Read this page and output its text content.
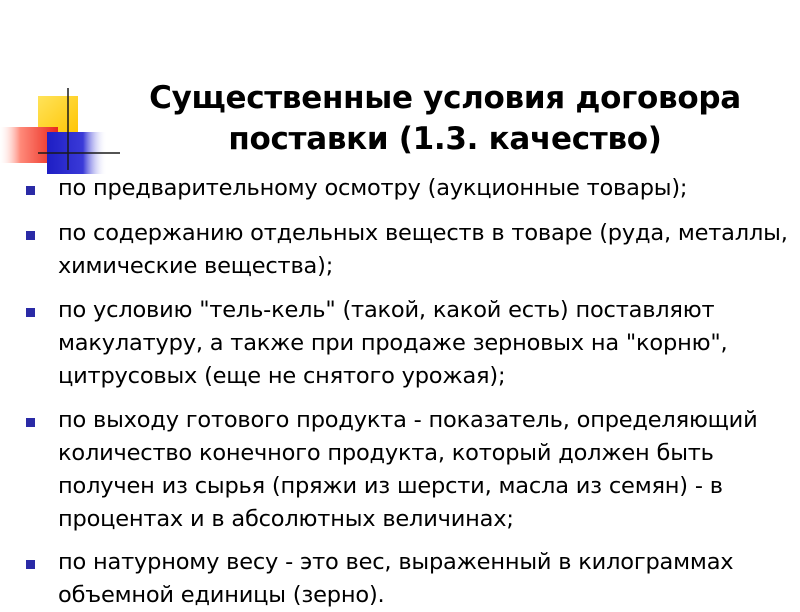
Существенные условия договора поставки (1.3. качество)
по предварительному осмотру (аукционные товары);
по содержанию отдельных веществ в товаре (руда, металлы, химические вещества);
по условию "тель-кель" (такой, какой есть) поставляют макулатуру, а также при продаже зерновых на "корню", цитрусовых (еще не снятого урожая);
по выходу готового продукта - показатель, определяющий количество конечного продукта, который должен быть получен из сырья (пряжи из шерсти, масла из семян) - в процентах и в абсолютных величинах;
по натурному весу - это вес, выраженный в килограммах объемной единицы (зерно).
